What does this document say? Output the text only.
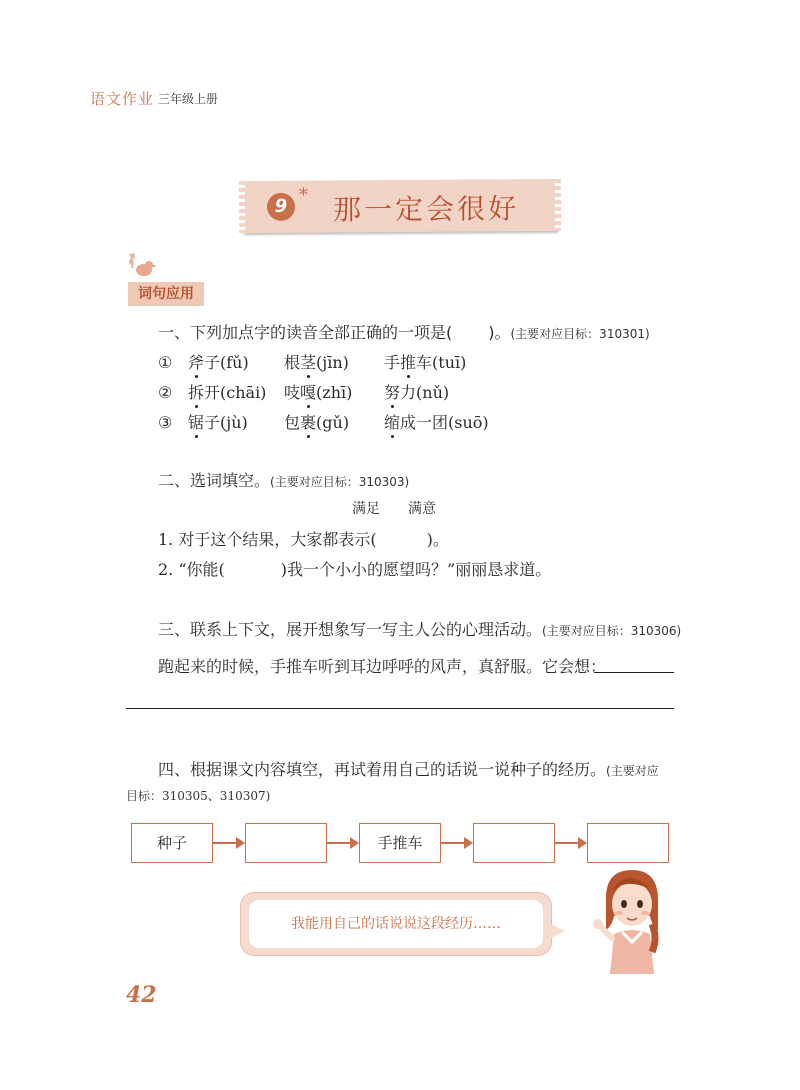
语文作业 三年级上册
9
* 那一定会很好
词句应用
一、下列加点字的读音全部正确的一项是( )。(主要对应目标：310301)
① 斧子(fǔ) 根茎(jīn) 手推车(tuī)
② 拆开(chāi) 吱嘎(zhī) 努力(nǔ)
③ 锯子(jù) 包裹(gǔ) 缩成一团(suō)
二、选词填空。(主要对应目标：310303)
满足 满意
1. 对于这个结果，大家都表示(	)。
2. “你能(	)我一个小小的愿望吗？”丽丽恳求道。
三、联系上下文，展开想象写一写主人公的心理活动。(主要对应目标：310306)
跑起来的时候，手推车听到耳边呼呼的风声，真舒服。它会想：
四、根据课文内容填空，再试着用自己的话说一说种子的经历。(主要对应
目标：310305、310307)
种子	手推车
我能用自己的话说说这段经历……
42
